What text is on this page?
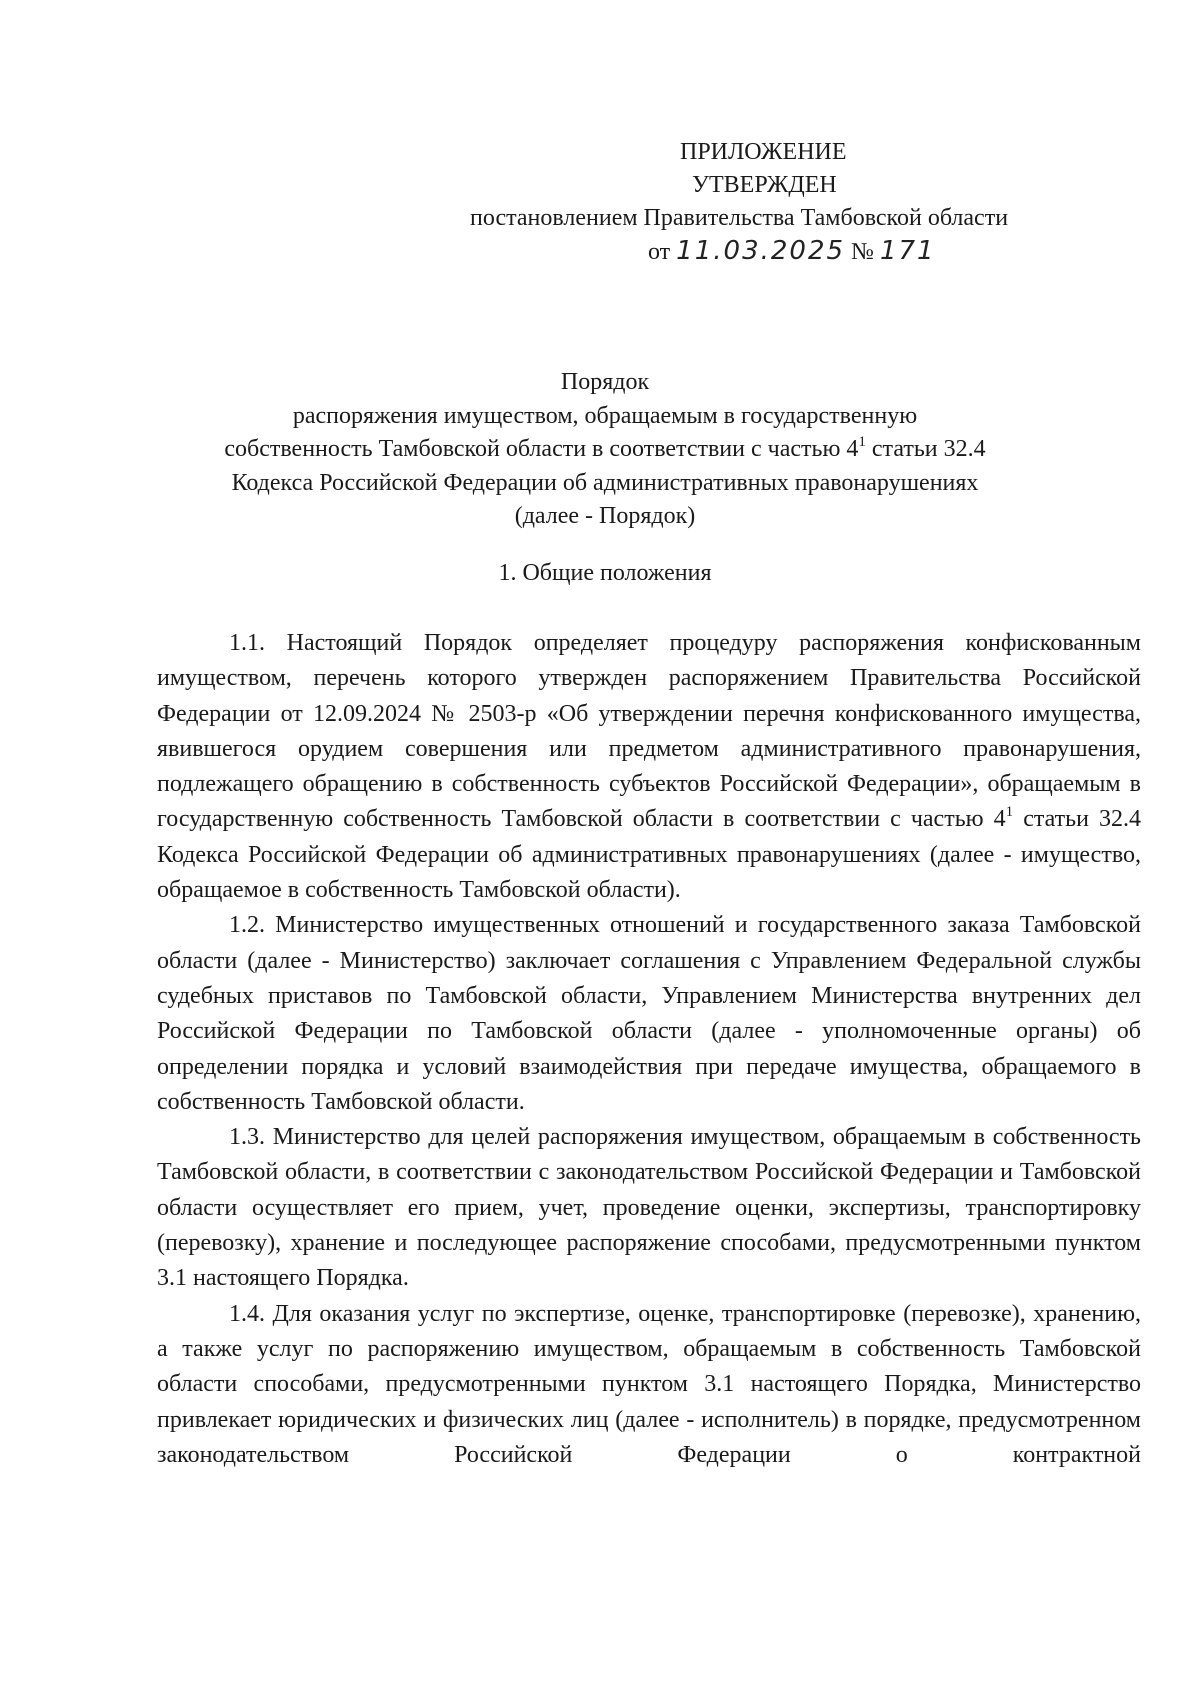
ПРИЛОЖЕНИЕ
УТВЕРЖДЕН
постановлением Правительства Тамбовской области
от 11.03.2025 № 171
Порядок
распоряжения имуществом, обращаемым в государственную
собственность Тамбовской области в соответствии с частью $4^1$ статьи 32.4
Кодекса Российской Федерации об административных правонарушениях
(далее - Порядок)
1. Общие положения

1.1. Настоящий Порядок определяет процедуру распоряжения конфискованным имуществом, перечень которого утвержден распоряжением Правительства Российской Федерации от 12.09.2024 № 2503-р «Об утверждении перечня конфискованного имущества, явившегося орудием совершения или предметом административного правонарушения, подлежащего обращению в собственность субъектов Российской Федерации», обращаемым в государственную собственность Тамбовской области в соответствии с частью $4^1$ статьи 32.4 Кодекса Российской Федерации об административных правонарушениях (далее - имущество, обращаемое в собственность Тамбовской области).

1.2. Министерство имущественных отношений и государственного заказа Тамбовской области (далее - Министерство) заключает соглашения с Управлением Федеральной службы судебных приставов по Тамбовской области, Управлением Министерства внутренних дел Российской Федерации по Тамбовской области (далее - уполномоченные органы) об определении порядка и условий взаимодействия при передаче имущества, обращаемого в собственность Тамбовской области.

1.3. Министерство для целей распоряжения имуществом, обращаемым в собственность Тамбовской области, в соответствии с законодательством Российской Федерации и Тамбовской области осуществляет его прием, учет, проведение оценки, экспертизы, транспортировку (перевозку), хранение и последующее распоряжение способами, предусмотренными пунктом 3.1 настоящего Порядка.

1.4. Для оказания услуг по экспертизе, оценке, транспортировке (перевозке), хранению, а также услуг по распоряжению имуществом, обращаемым в собственность Тамбовской области способами, предусмотренными пунктом 3.1 настоящего Порядка, Министерство привлекает юридических и физических лиц (далее - исполнитель) в порядке, предусмотренном законодательством Российской Федерации о контрактной
